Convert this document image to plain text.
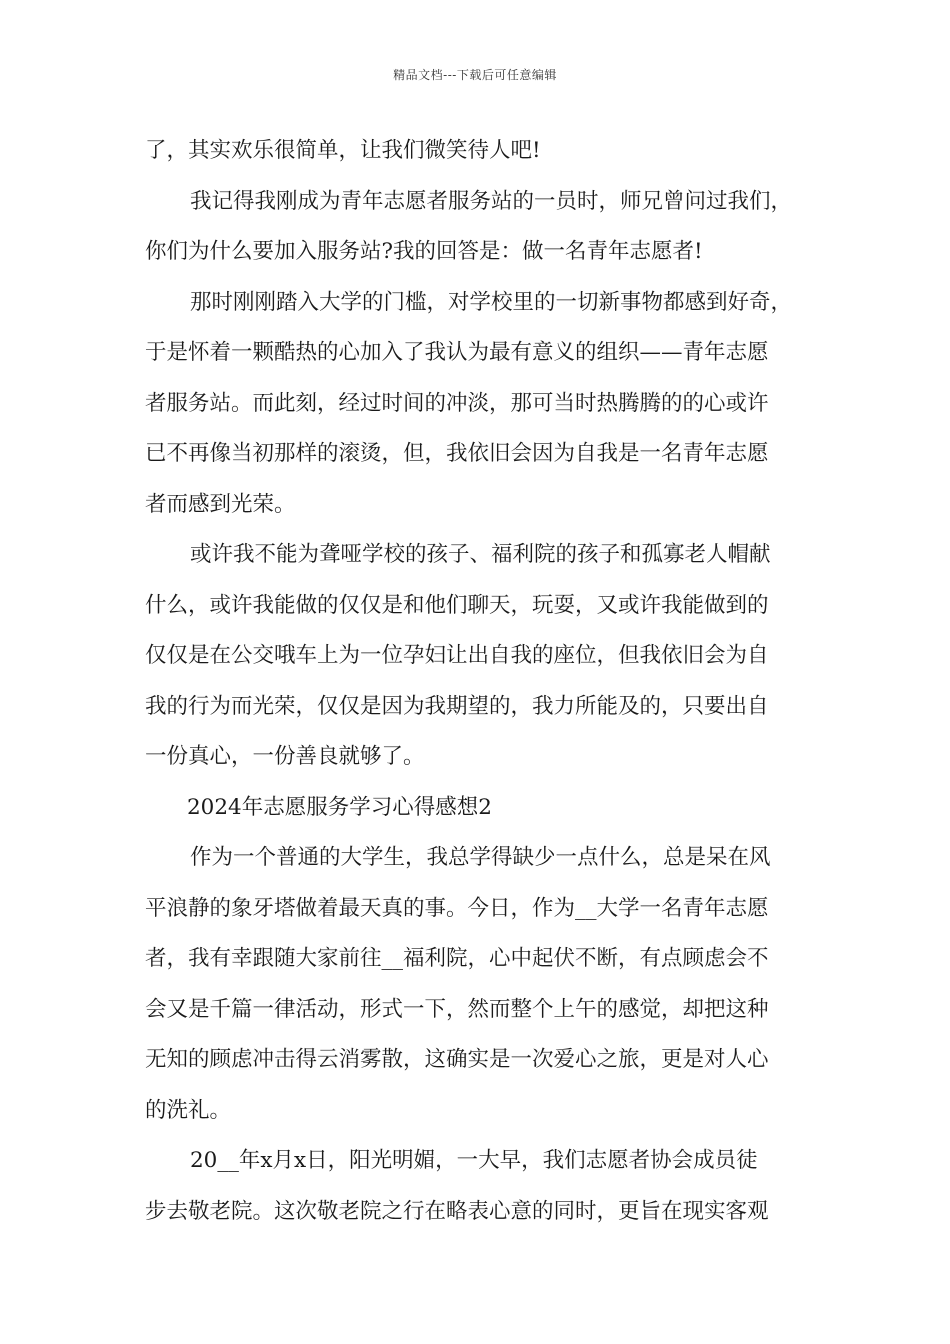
精品文档---下载后可任意编辑
了，其实欢乐很简单，让我们微笑待人吧!
我记得我刚成为青年志愿者服务站的一员时，师兄曾问过我们，
你们为什么要加入服务站?我的回答是：做一名青年志愿者!
那时刚刚踏入大学的门槛，对学校里的一切新事物都感到好奇，
于是怀着一颗酷热的心加入了我认为最有意义的组织——青年志愿
者服务站。而此刻，经过时间的冲淡，那可当时热腾腾的的心或许
已不再像当初那样的滚烫，但，我依旧会因为自我是一名青年志愿
者而感到光荣。
或许我不能为聋哑学校的孩子、福利院的孩子和孤寡老人帽献
什么，或许我能做的仅仅是和他们聊天，玩耍，又或许我能做到的
仅仅是在公交哦车上为一位孕妇让出自我的座位，但我依旧会为自
我的行为而光荣，仅仅是因为我期望的，我力所能及的，只要出自
一份真心，一份善良就够了。
2024年志愿服务学习心得感想2
作为一个普通的大学生，我总学得缺少一点什么，总是呆在风
平浪静的象牙塔做着最天真的事。今日，作为__大学一名青年志愿
者，我有幸跟随大家前往__福利院，心中起伏不断，有点顾虑会不
会又是千篇一律活动，形式一下，然而整个上午的感觉，却把这种
无知的顾虑冲击得云消雾散，这确实是一次爱心之旅，更是对人心
的洗礼。
20__年x月x日，阳光明媚，一大早，我们志愿者协会成员徒
步去敬老院。这次敬老院之行在略表心意的同时，更旨在现实客观
